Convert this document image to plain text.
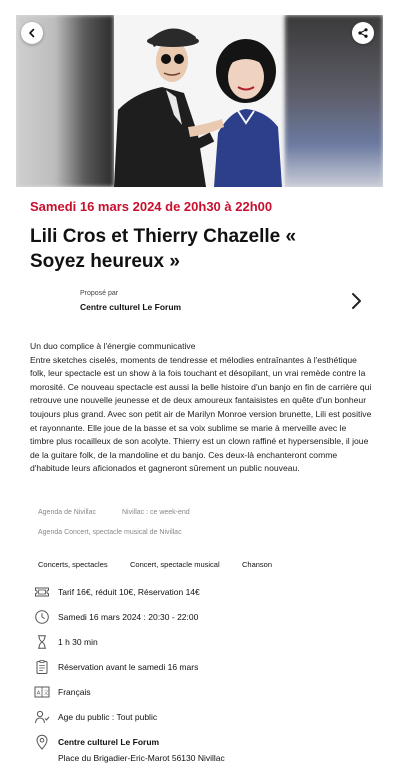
Samedi 16 mars 2024 de 20h30 à 22h00
Lili Cros et Thierry Chazelle « Soyez heureux »
Proposé par
Centre culturel Le Forum
Un duo complice à l'énergie communicative
Entre sketches ciselés, moments de tendresse et mélodies entraînantes à l'esthétique folk, leur spectacle est un show à la fois touchant et désopilant, un vrai remède contre la morosité. Ce nouveau spectacle est aussi la belle histoire d'un banjo en fin de carrière qui retrouve une nouvelle jeunesse et de deux amoureux fantaisistes en quête d'un bonheur toujours plus grand. Avec son petit air de Marilyn Monroe version brunette, Lili est positive et rayonnante. Elle joue de la basse et sa voix sublime se marie à merveille avec le timbre plus rocailleux de son acolyte. Thierry est un clown raffiné et hypersensible, il joue de la guitare folk, de la mandoline et du banjo. Ces deux-là enchanteront comme d'habitude leurs aficionados et gagneront sûrement un public nouveau.
Agenda de Nivillac	Nivillac : ce week-end
Agenda Concert, spectacle musical de Nivillac
Concerts, spectacles	Concert, spectacle musical	Chanson
Tarif 16€, réduit 10€, Réservation 14€
Samedi 16 mars 2024 : 20:30 - 22:00
1 h 30 min
Réservation avant le samedi 16 mars
A 文 Français
Age du public : Tout public
Centre culturel Le Forum
Place du Brigadier-Eric-Marot 56130 Nivillac
